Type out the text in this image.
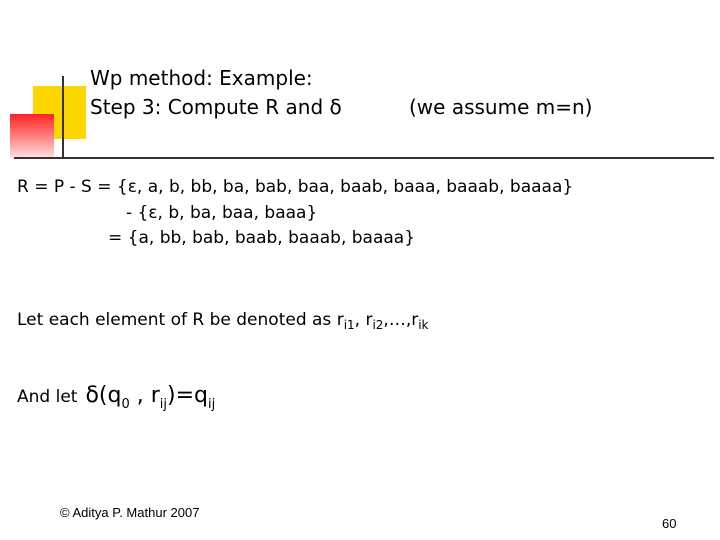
Wp method: Example:
Step 3: Compute R and δ	(we assume m=n)
R = P - S = {ε, a, b, bb, ba, bab, baa, baab, baaa, baaab, baaaa}
- {ε, b, ba, baa, baaa}
= {a, bb, bab, baab, baaab, baaaa}
Let each element of R be denoted as $r_{i1}$, $r_{i2},\dots,r_{ik}$
And let $\delta(q_0$ , $r_{ij})=q_{ij}$
© Aditya P. Mathur 2007
60
